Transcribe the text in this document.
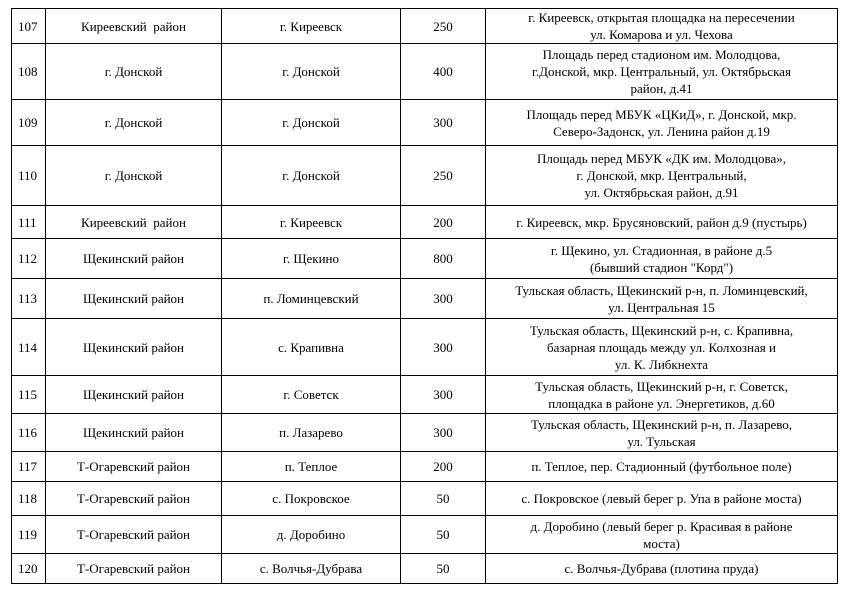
107	Киреевский  район	г. Киреевск	250	г. Киреевск, открытая площадка на пересечении
ул. Комарова и ул. Чехова

108	г. Донской	г. Донской	400	Площадь перед стадионом им. Молодцова,
г.Донской, мкр. Центральный, ул. Октябрьская
район, д.41

109	г. Донской	г. Донской	300	Площадь перед МБУК «ЦКиД», г. Донской, мкр.
Северо-Задонск, ул. Ленина район д.19

110	г. Донской	г. Донской	250	Площадь перед МБУК «ДК им. Молодцова»,
г. Донской, мкр. Центральный,
ул. Октябрьская район, д.91

111	Киреевский  район	г. Киреевск	200	г. Киреевск, мкр. Брусяновский, район д.9 (пустырь)

112	Щекинский район	г. Щекино	800	г. Щекино, ул. Стадионная, в районе д.5
(бывший стадион "Корд")

113	Щекинский район	п. Ломинцевский	300	Тульская область, Щекинский р-н, п. Ломинцевский,
ул. Центральная 15

114	Щекинский район	с. Крапивна	300	Тульская область, Щекинский р-н, с. Крапивна,
базарная площадь между ул. Колхозная и
ул. К. Либкнехта

115	Щекинский район	г. Советск	300	Тульская область, Щекинский р-н, г. Советск,
площадка в районе ул. Энергетиков, д.60

116	Щекинский район	п. Лазарево	300	Тульская область, Щекинский р-н, п. Лазарево,
ул. Тульская

117	Т-Огаревский район	п. Теплое	200	п. Теплое, пер. Стадионный (футбольное поле)

118	Т-Огаревский район	с. Покровское	50	с. Покровское (левый берег р. Упа в районе моста)

119	Т-Огаревский район	д. Доробино	50	д. Доробино (левый берег р. Красивая в районе
моста)

120	Т-Огаревский район	с. Волчья-Дубрава	50	с. Волчья-Дубрава (плотина пруда)
